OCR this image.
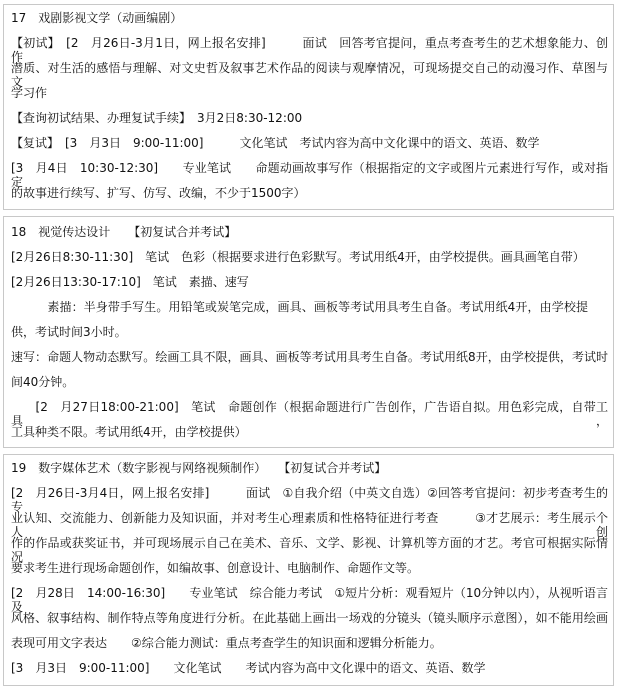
17　戏剧影视文学（动画编剧）
【初试】　[2　月26日-3月1日，网上报名安排]　　　面试　回答考官提问，重点考查考生的艺术想象能力、创作
潜质、对生活的感悟与理解、对文史哲及叙事艺术作品的阅读与观摩情况，可现场提交自己的动漫习作、草图与文
学习作
【查询初试结果、办理复试手续】　3月2日8:30-12:00
【复试】　[3　月3日　9:00-11:00]　　　文化笔试　考试内容为高中文化课中的语文、英语、数学
[3　月4日　10:30-12:30]　　专业笔试　　命题动画故事写作（根据指定的文字或图片元素进行写作，或对指定
的故事进行续写、扩写、仿写、改编，不少于1500字）
18　视觉传达设计　　【初复试合并考试】
[2月26日8:30-11:30]　笔试　色彩（根据要求进行色彩默写。考试用纸4开，由学校提供。画具画笔自带）
[2月26日13:30-17:10]　笔试　素描、速写
　　　素描：半身带手写生。用铅笔或炭笔完成，画具、画板等考试用具考生自备。考试用纸4开，由学校提
供，考试时间3小时。
速写：命题人物动态默写。绘画工具不限，画具、画板等考试用具考生自备。考试用纸8开，由学校提供，考试时
间40分钟。
　　[2　月27日18:00-21:00]　笔试　命题创作（根据命题进行广告创作，广告语自拟。用色彩完成，自带工具，
工具种类不限。考试用纸4开，由学校提供）
19　数字媒体艺术（数字影视与网络视频制作）　　【初复试合并考试】
[2　月26日-3月4日，网上报名安排]　　　面试　①自我介绍（中英文自选）②回答考官提问：初步考查考生的专
业认知、交流能力、创新能力及知识面，并对考生心理素质和性格特征进行考查　　　③才艺展示：考生展示个人创
作的作品或获奖证书，并可现场展示自己在美术、音乐、文学、影视、计算机等方面的才艺。考官可根据实际情况
要求考生进行现场命题创作，如编故事、创意设计、电脑制作、命题作文等。
[2　月28日　14:00-16:30]　　专业笔试　综合能力考试　①短片分析：观看短片（10分钟以内），从视听语言及
风格、叙事结构、制作特点等角度进行分析。在此基础上画出一场戏的分镜头（镜头顺序示意图），如不能用绘画
表现可用文字表达　　②综合能力测试：重点考查学生的知识面和逻辑分析能力。
[3　月3日　9:00-11:00]　　文化笔试　　考试内容为高中文化课中的语文、英语、数学
